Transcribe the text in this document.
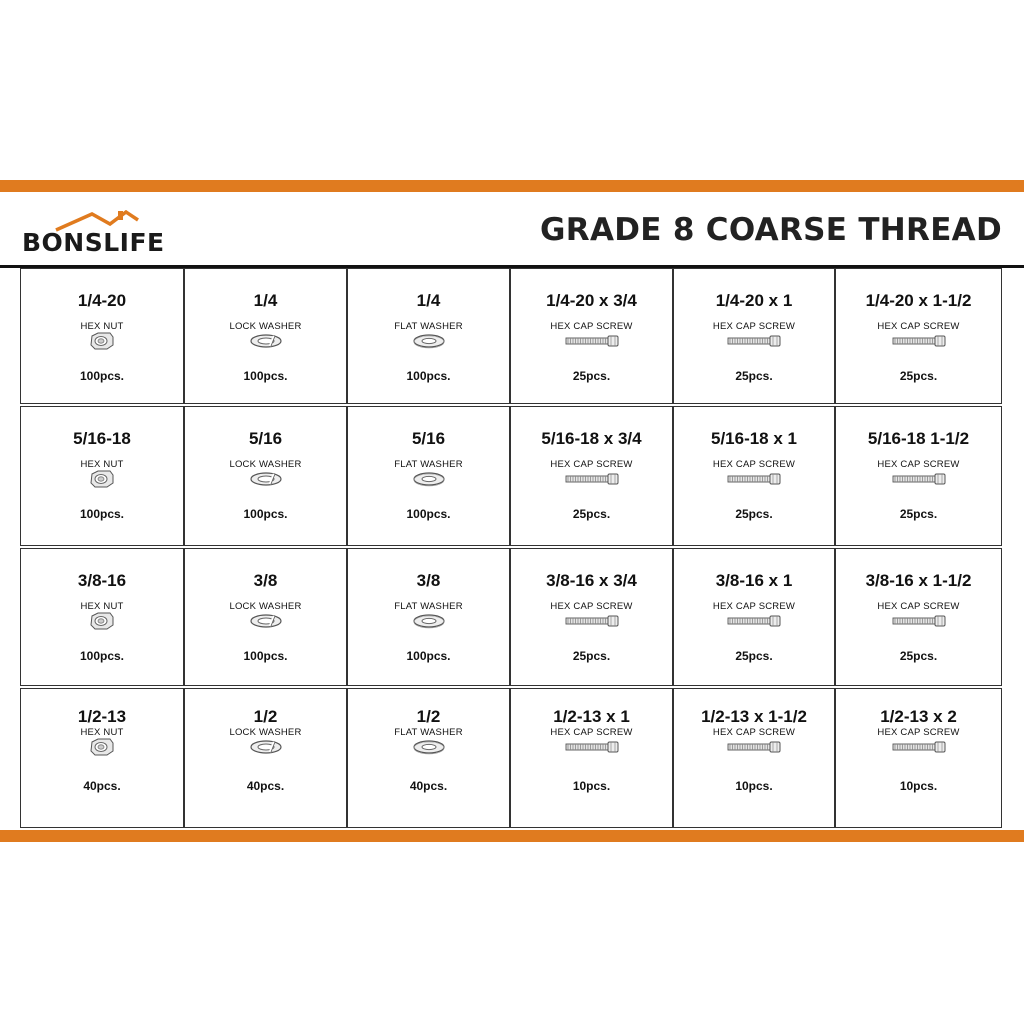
BONSLIFE	GRADE 8 COARSE THREAD
1/4-20
HEX NUT
100pcs.
1/4
LOCK WASHER
100pcs.
1/4
FLAT WASHER
100pcs.
1/4-20 x 3/4
HEX CAP SCREW
25pcs.
1/4-20 x 1
HEX CAP SCREW
25pcs.
1/4-20 x 1-1/2
HEX CAP SCREW
25pcs.
5/16-18
HEX NUT
100pcs.
5/16
LOCK WASHER
100pcs.
5/16
FLAT WASHER
100pcs.
5/16-18 x 3/4
HEX CAP SCREW
25pcs.
5/16-18 x 1
HEX CAP SCREW
25pcs.
5/16-18 1-1/2
HEX CAP SCREW
25pcs.
3/8-16
HEX NUT
100pcs.
3/8
LOCK WASHER
100pcs.
3/8
FLAT WASHER
100pcs.
3/8-16 x 3/4
HEX CAP SCREW
25pcs.
3/8-16 x 1
HEX CAP SCREW
25pcs.
3/8-16 x 1-1/2
HEX CAP SCREW
25pcs.
1/2-13
HEX NUT
40pcs.
1/2
LOCK WASHER
40pcs.
1/2
FLAT WASHER
40pcs.
1/2-13 x 1
HEX CAP SCREW
10pcs.
1/2-13 x 1-1/2
HEX CAP SCREW
10pcs.
1/2-13 x 2
HEX CAP SCREW
10pcs.
